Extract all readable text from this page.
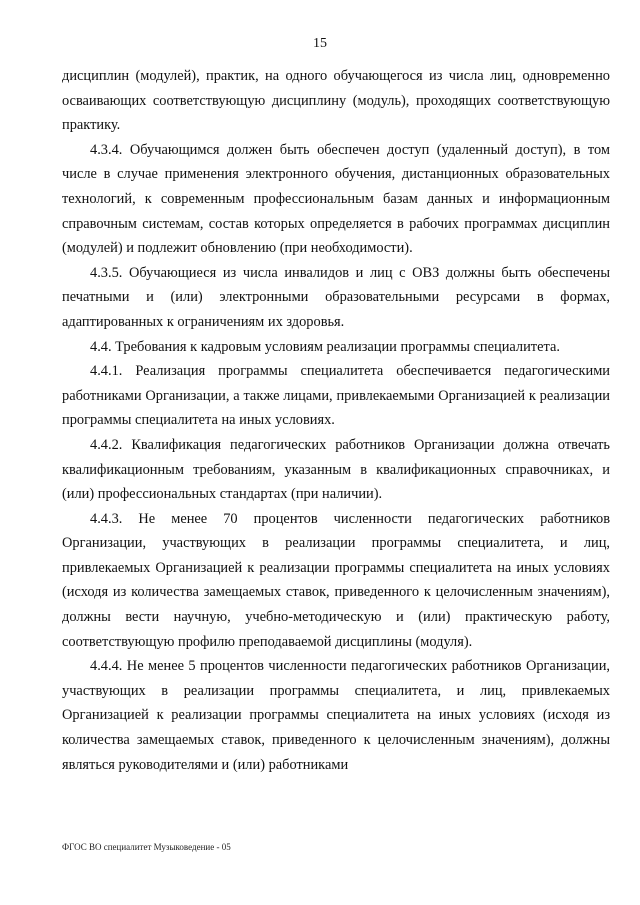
15

дисциплин (модулей), практик, на одного обучающегося из числа лиц, одновременно осваивающих соответствующую дисциплину (модуль), проходящих соответствующую практику.

4.3.4. Обучающимся должен быть обеспечен доступ (удаленный доступ), в том числе в случае применения электронного обучения, дистанционных образовательных технологий, к современным профессиональным базам данных и информационным справочным системам, состав которых определяется в рабочих программах дисциплин (модулей) и подлежит обновлению (при необходимости).

4.3.5. Обучающиеся из числа инвалидов и лиц с ОВЗ должны быть обеспечены печатными и (или) электронными образовательными ресурсами в формах, адаптированных к ограничениям их здоровья.

4.4. Требования к кадровым условиям реализации программы специалитета.

4.4.1. Реализация программы специалитета обеспечивается педагогическими работниками Организации, а также лицами, привлекаемыми Организацией к реализации программы специалитета на иных условиях.

4.4.2. Квалификация педагогических работников Организации должна отвечать квалификационным требованиям, указанным в квалификационных справочниках, и (или) профессиональных стандартах (при наличии).

4.4.3. Не менее 70 процентов численности педагогических работников Организации, участвующих в реализации программы специалитета, и лиц, привлекаемых Организацией к реализации программы специалитета на иных условиях (исходя из количества замещаемых ставок, приведенного к целочисленным значениям), должны вести научную, учебно-методическую и (или) практическую работу, соответствующую профилю преподаваемой дисциплины (модуля).

4.4.4. Не менее 5 процентов численности педагогических работников Организации, участвующих в реализации программы специалитета, и лиц, привлекаемых Организацией к реализации программы специалитета на иных условиях (исходя из количества замещаемых ставок, приведенного к целочисленным значениям), должны являться руководителями и (или) работниками

ФГОС ВО специалитет Музыковедение - 05
